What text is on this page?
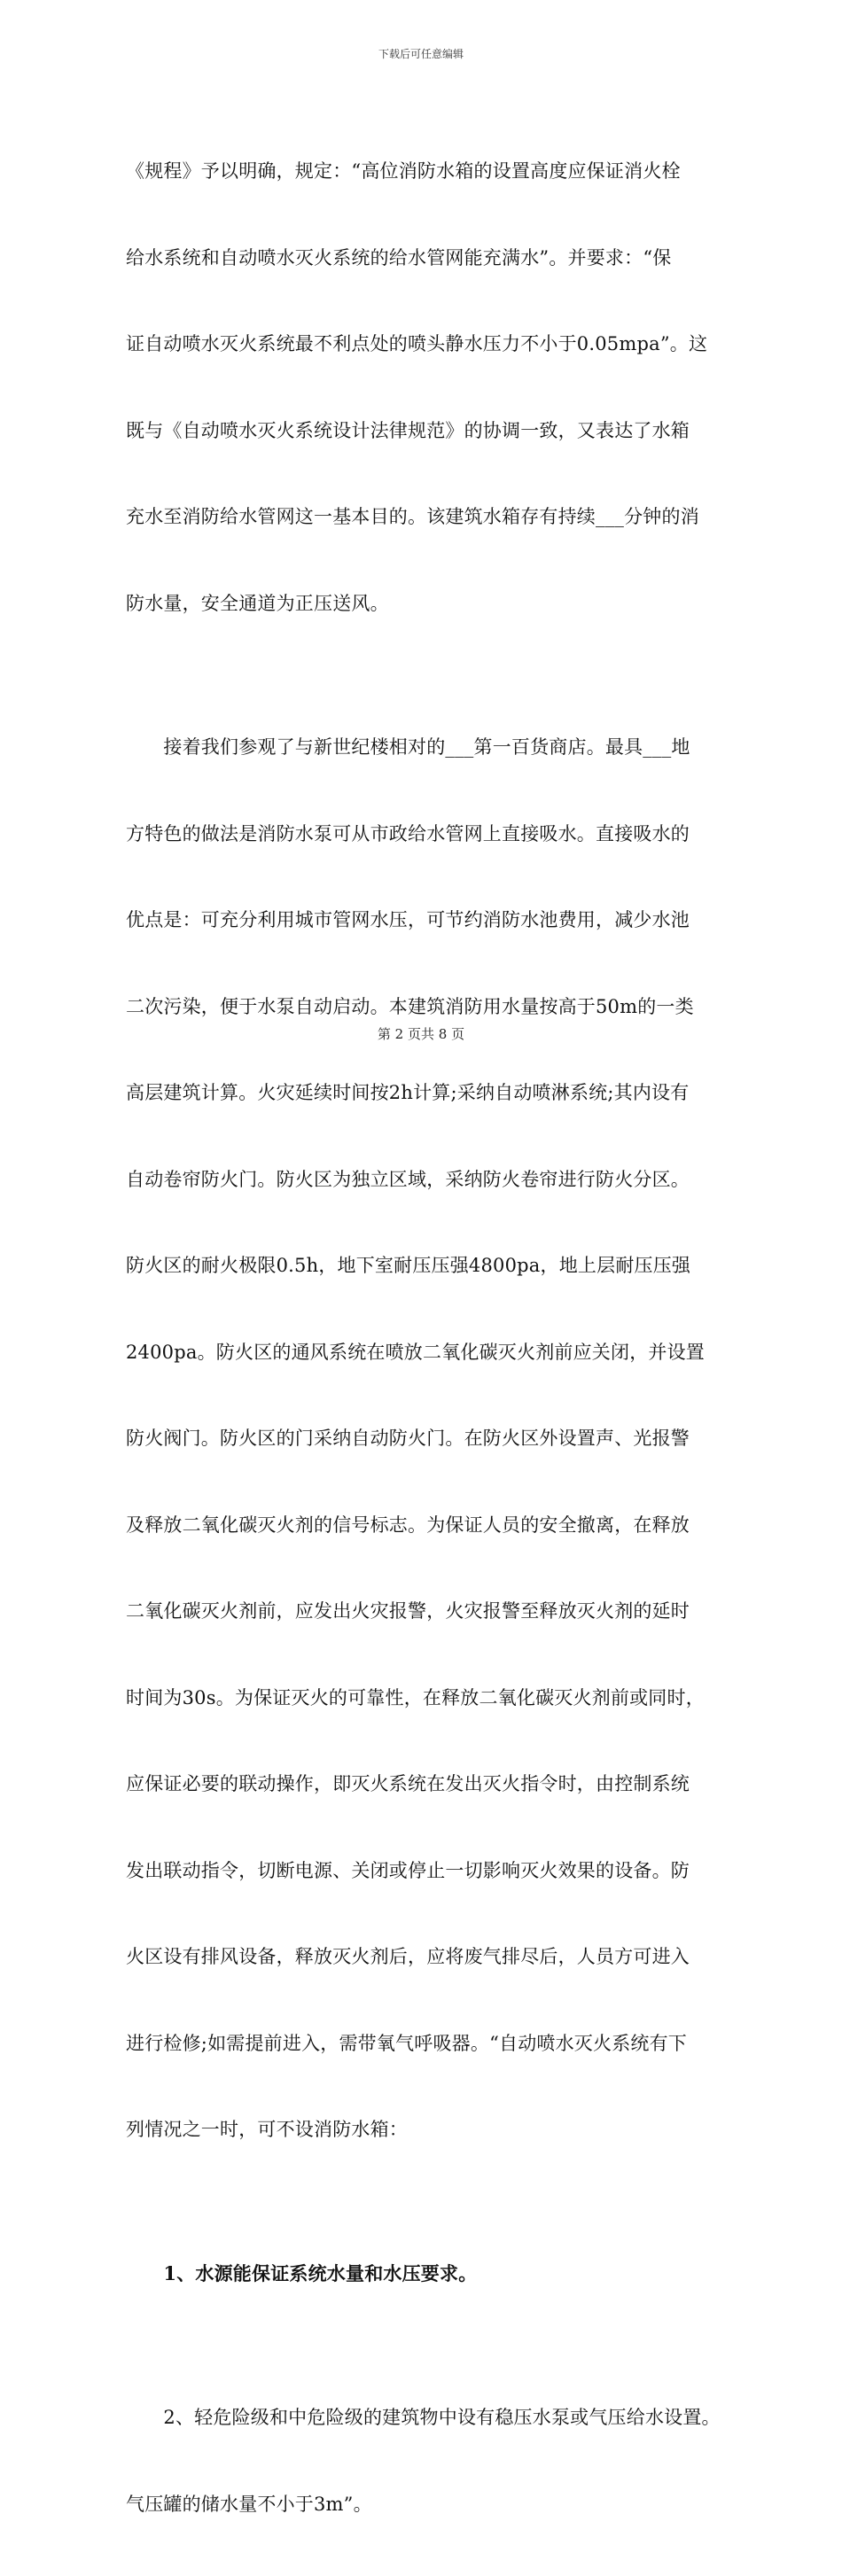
下载后可任意编辑

《规程》予以明确，规定：“高位消防水箱的设置高度应保证消火栓

给水系统和自动喷水灭火系统的给水管网能充满水”。并要求：“保

证自动喷水灭火系统最不利点处的喷头静水压力不小于0.05mpa”。这

既与《自动喷水灭火系统设计法律规范》的协调一致，又表达了水箱

充水至消防给水管网这一基本目的。该建筑水箱存有持续___分钟的消

防水量，安全通道为正压送风。

　　接着我们参观了与新世纪楼相对的___第一百货商店。最具___地

方特色的做法是消防水泵可从市政给水管网上直接吸水。直接吸水的

优点是：可充分利用城市管网水压，可节约消防水池费用，减少水池

二次污染，便于水泵自动启动。本建筑消防用水量按高于50m的一类

高层建筑计算。火灾延续时间按2h计算;采纳自动喷淋系统;其内设有

自动卷帘防火门。防火区为独立区域，采纳防火卷帘进行防火分区。

防火区的耐火极限0.5h，地下室耐压压强4800pa，地上层耐压压强

2400pa。防火区的通风系统在喷放二氧化碳灭火剂前应关闭，并设置

防火阀门。防火区的门采纳自动防火门。在防火区外设置声、光报警

及释放二氧化碳灭火剂的信号标志。为保证人员的安全撤离，在释放

二氧化碳灭火剂前，应发出火灾报警，火灾报警至释放灭火剂的延时

时间为30s。为保证灭火的可靠性，在释放二氧化碳灭火剂前或同时，

应保证必要的联动操作，即灭火系统在发出灭火指令时，由控制系统

发出联动指令，切断电源、关闭或停止一切影响灭火效果的设备。防

火区设有排风设备，释放灭火剂后，应将废气排尽后，人员方可进入

进行检修;如需提前进入，需带氧气呼吸器。“自动喷水灭火系统有下

列情况之一时，可不设消防水箱：

　　1、水源能保证系统水量和水压要求。

　　2、轻危险级和中危险级的建筑物中设有稳压水泵或气压给水设置。

气压罐的储水量不小于3m”。

第 2 页共 8 页
